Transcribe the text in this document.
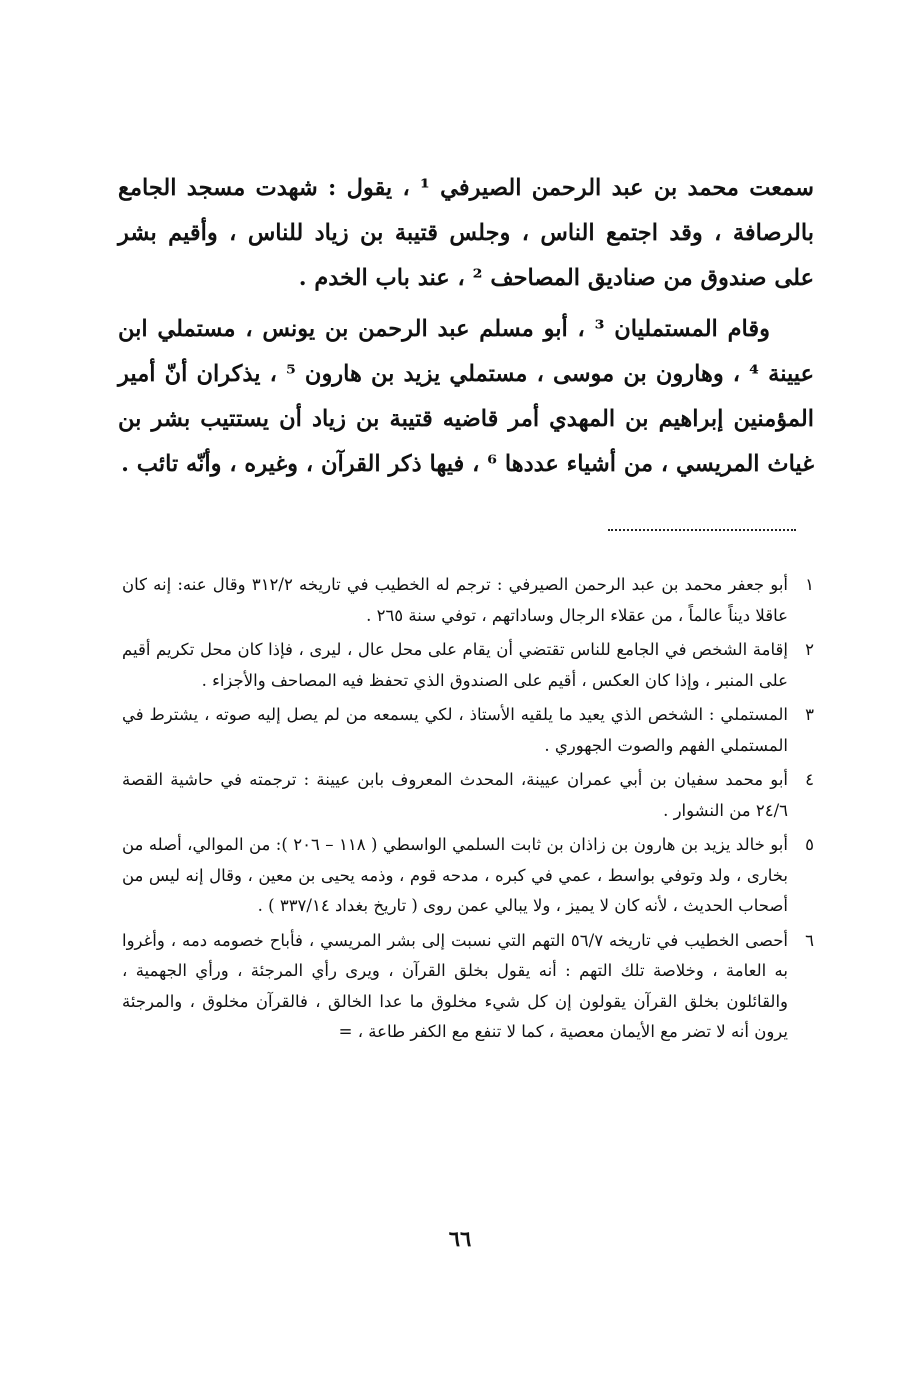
سمعت محمد بن عبد الرحمن الصيرفي ¹ ، يقول : شهدت مسجد الجامع بالرصافة ، وقد اجتمع الناس ، وجلس قتيبة بن زياد للناس ، وأقيم بشر على صندوق من صناديق المصاحف ² ، عند باب الخدم .

وقام المستمليان ³ ، أبو مسلم عبد الرحمن بن يونس ، مستملي ابن عيينة ⁴ ، وهارون بن موسى ، مستملي يزيد بن هارون ⁵ ، يذكران أنّ أمير المؤمنين إبراهيم بن المهدي أمر قاضيه قتيبة بن زياد أن يستتيب بشر بن غياث المريسي ، من أشياء عددها ⁶ ، فيها ذكر القرآن ، وغيره ، وأنّه تائب .

١
أبو جعفر محمد بن عبد الرحمن الصيرفي : ترجم له الخطيب في تاريخه ٣١٢/٢ وقال عنه: إنه كان عاقلا ديناً عالماً ، من عقلاء الرجال وساداتهم ، توفي سنة ٢٦٥ .
٢
إقامة الشخص في الجامع للناس تقتضي أن يقام على محل عال ، ليرى ، فإذا كان محل تكريم أقيم على المنبر ، وإذا كان العكس ، أقيم على الصندوق الذي تحفظ فيه المصاحف والأجزاء .
٣
المستملي : الشخص الذي يعيد ما يلقيه الأستاذ ، لكي يسمعه من لم يصل إليه صوته ، يشترط في المستملي الفهم والصوت الجهوري .
٤
أبو محمد سفيان بن أبي عمران عيينة، المحدث المعروف بابن عيينة : ترجمته في حاشية القصة ٢٤/٦ من النشوار .
٥
أبو خالد يزيد بن هارون بن زاذان بن ثابت السلمي الواسطي ( ١١٨ – ٢٠٦ ): من الموالي، أصله من بخارى ، ولد وتوفي بواسط ، عمي في كبره ، مدحه قوم ، وذمه يحيى بن معين ، وقال إنه ليس من أصحاب الحديث ، لأنه كان لا يميز ، ولا يبالي عمن روى ( تاريخ بغداد ٣٣٧/١٤ ) .
٦
أحصى الخطيب في تاريخه ٥٦/٧ التهم التي نسبت إلى بشر المريسي ، فأباح خصومه دمه ، وأغروا به العامة ، وخلاصة تلك التهم : أنه يقول بخلق القرآن ، ويرى رأي المرجئة ، ورأي الجهمية ، والقائلون بخلق القرآن يقولون إن كل شيء مخلوق ما عدا الخالق ، فالقرآن مخلوق ، والمرجئة يرون أنه لا تضر مع الأيمان معصية ، كما لا تنفع مع الكفر طاعة ، =
٦٦
